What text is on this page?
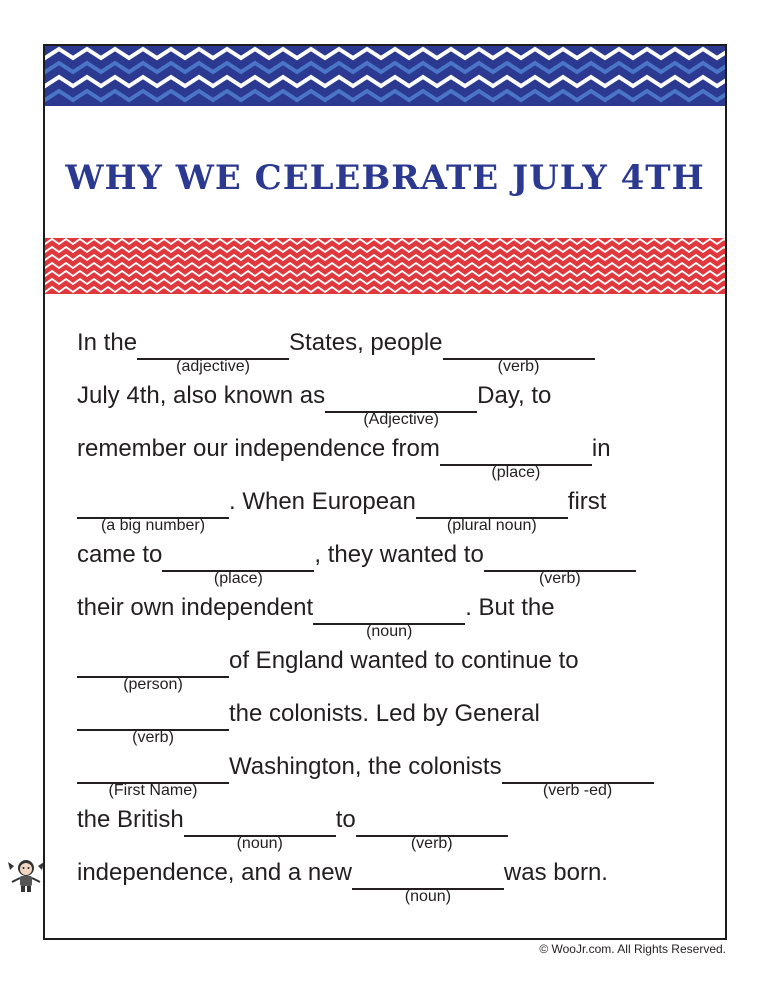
WHY WE CELEBRATE JULY 4TH
In the
(adjective)
States, people
(verb)
July 4th, also known as
(Adjective)
Day, to
remember our independence from
(place)
in
(a big number)
. When European
(plural noun)
first
came to
(place)
, they wanted to
(verb)
their own independent
(noun)
. But the
(person)
of England wanted to continue to
(verb)
the colonists. Led by General
(First Name)
Washington, the colonists
(verb -ed)
the British
(noun)
to
(verb)
independence, and a new
(noun)
was born.
© WooJr.com. All Rights Reserved.
